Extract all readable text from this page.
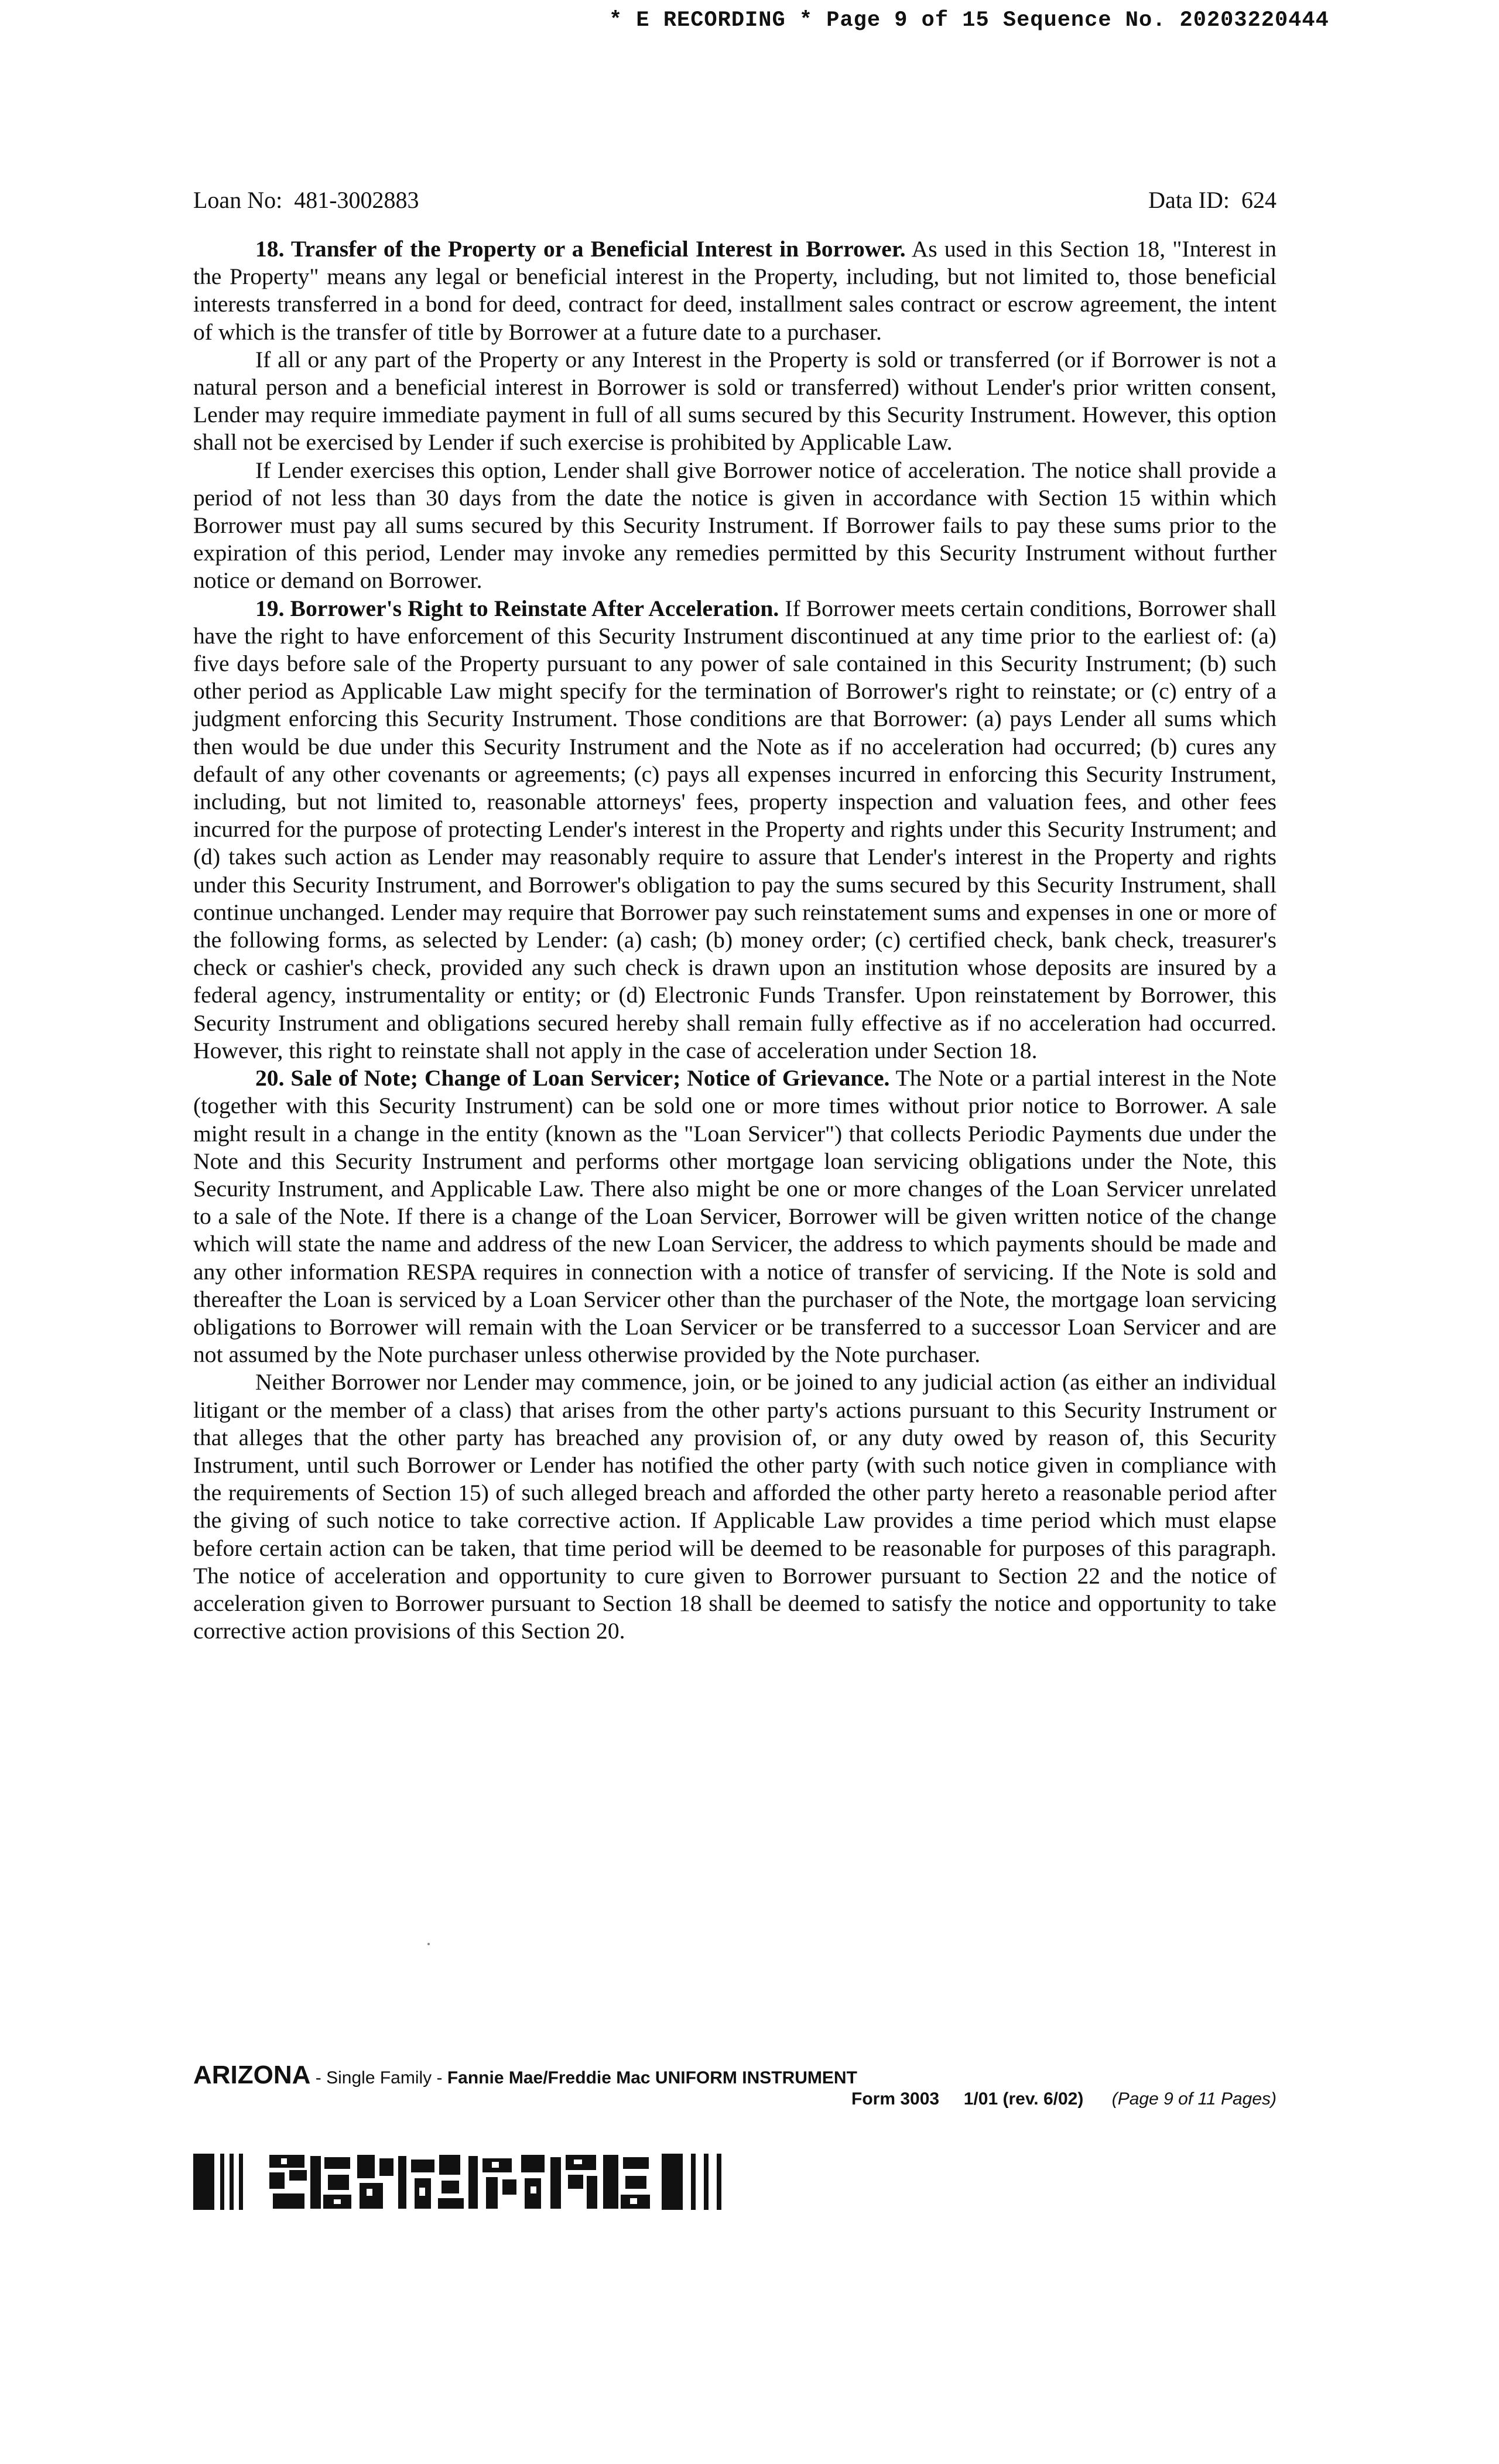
* E RECORDING * Page 9 of 15 Sequence No. 20203220444
Loan No: 481-3002883	Data ID: 624

18. Transfer of the Property or a Beneficial Interest in Borrower. As used in this Section 18, "Interest in the Property" means any legal or beneficial interest in the Property, including, but not limited to, those beneficial interests transferred in a bond for deed, contract for deed, installment sales contract or escrow agreement, the intent of which is the transfer of title by Borrower at a future date to a purchaser.

If all or any part of the Property or any Interest in the Property is sold or transferred (or if Borrower is not a natural person and a beneficial interest in Borrower is sold or transferred) without Lender's prior written consent, Lender may require immediate payment in full of all sums secured by this Security Instrument. However, this option shall not be exercised by Lender if such exercise is prohibited by Applicable Law.

If Lender exercises this option, Lender shall give Borrower notice of acceleration. The notice shall provide a period of not less than 30 days from the date the notice is given in accordance with Section 15 within which Borrower must pay all sums secured by this Security Instrument. If Borrower fails to pay these sums prior to the expiration of this period, Lender may invoke any remedies permitted by this Security Instrument without further notice or demand on Borrower.

19. Borrower's Right to Reinstate After Acceleration. If Borrower meets certain conditions, Borrower shall have the right to have enforcement of this Security Instrument discontinued at any time prior to the earliest of: (a) five days before sale of the Property pursuant to any power of sale contained in this Security Instrument; (b) such other period as Applicable Law might specify for the termination of Borrower's right to reinstate; or (c) entry of a judgment enforcing this Security Instrument. Those conditions are that Borrower: (a) pays Lender all sums which then would be due under this Security Instrument and the Note as if no acceleration had occurred; (b) cures any default of any other covenants or agreements; (c) pays all expenses incurred in enforcing this Security Instrument, including, but not limited to, reasonable attorneys' fees, property inspection and valuation fees, and other fees incurred for the purpose of protecting Lender's interest in the Property and rights under this Security Instrument; and (d) takes such action as Lender may reasonably require to assure that Lender's interest in the Property and rights under this Security Instrument, and Borrower's obligation to pay the sums secured by this Security Instrument, shall continue unchanged. Lender may require that Borrower pay such reinstatement sums and expenses in one or more of the following forms, as selected by Lender: (a) cash; (b) money order; (c) certified check, bank check, treasurer's check or cashier's check, provided any such check is drawn upon an institution whose deposits are insured by a federal agency, instrumentality or entity; or (d) Electronic Funds Transfer. Upon reinstatement by Borrower, this Security Instrument and obligations secured hereby shall remain fully effective as if no acceleration had occurred. However, this right to reinstate shall not apply in the case of acceleration under Section 18.

20. Sale of Note; Change of Loan Servicer; Notice of Grievance. The Note or a partial interest in the Note (together with this Security Instrument) can be sold one or more times without prior notice to Borrower. A sale might result in a change in the entity (known as the "Loan Servicer") that collects Periodic Payments due under the Note and this Security Instrument and performs other mortgage loan servicing obligations under the Note, this Security Instrument, and Applicable Law. There also might be one or more changes of the Loan Servicer unrelated to a sale of the Note. If there is a change of the Loan Servicer, Borrower will be given written notice of the change which will state the name and address of the new Loan Servicer, the address to which payments should be made and any other information RESPA requires in connection with a notice of transfer of servicing. If the Note is sold and thereafter the Loan is serviced by a Loan Servicer other than the purchaser of the Note, the mortgage loan servicing obligations to Borrower will remain with the Loan Servicer or be transferred to a successor Loan Servicer and are not assumed by the Note purchaser unless otherwise provided by the Note purchaser.

Neither Borrower nor Lender may commence, join, or be joined to any judicial action (as either an individual litigant or the member of a class) that arises from the other party's actions pursuant to this Security Instrument or that alleges that the other party has breached any provision of, or any duty owed by reason of, this Security Instrument, until such Borrower or Lender has notified the other party (with such notice given in compliance with the requirements of Section 15) of such alleged breach and afforded the other party hereto a reasonable period after the giving of such notice to take corrective action. If Applicable Law provides a time period which must elapse before certain action can be taken, that time period will be deemed to be reasonable for purposes of this paragraph. The notice of acceleration and opportunity to cure given to Borrower pursuant to Section 22 and the notice of acceleration given to Borrower pursuant to Section 18 shall be deemed to satisfy the notice and opportunity to take corrective action provisions of this Section 20.

ARIZONA - Single Family - Fannie Mae/Freddie Mac UNIFORM INSTRUMENT
Form 3003 1/01 (rev. 6/02) (Page 9 of 11 Pages)
